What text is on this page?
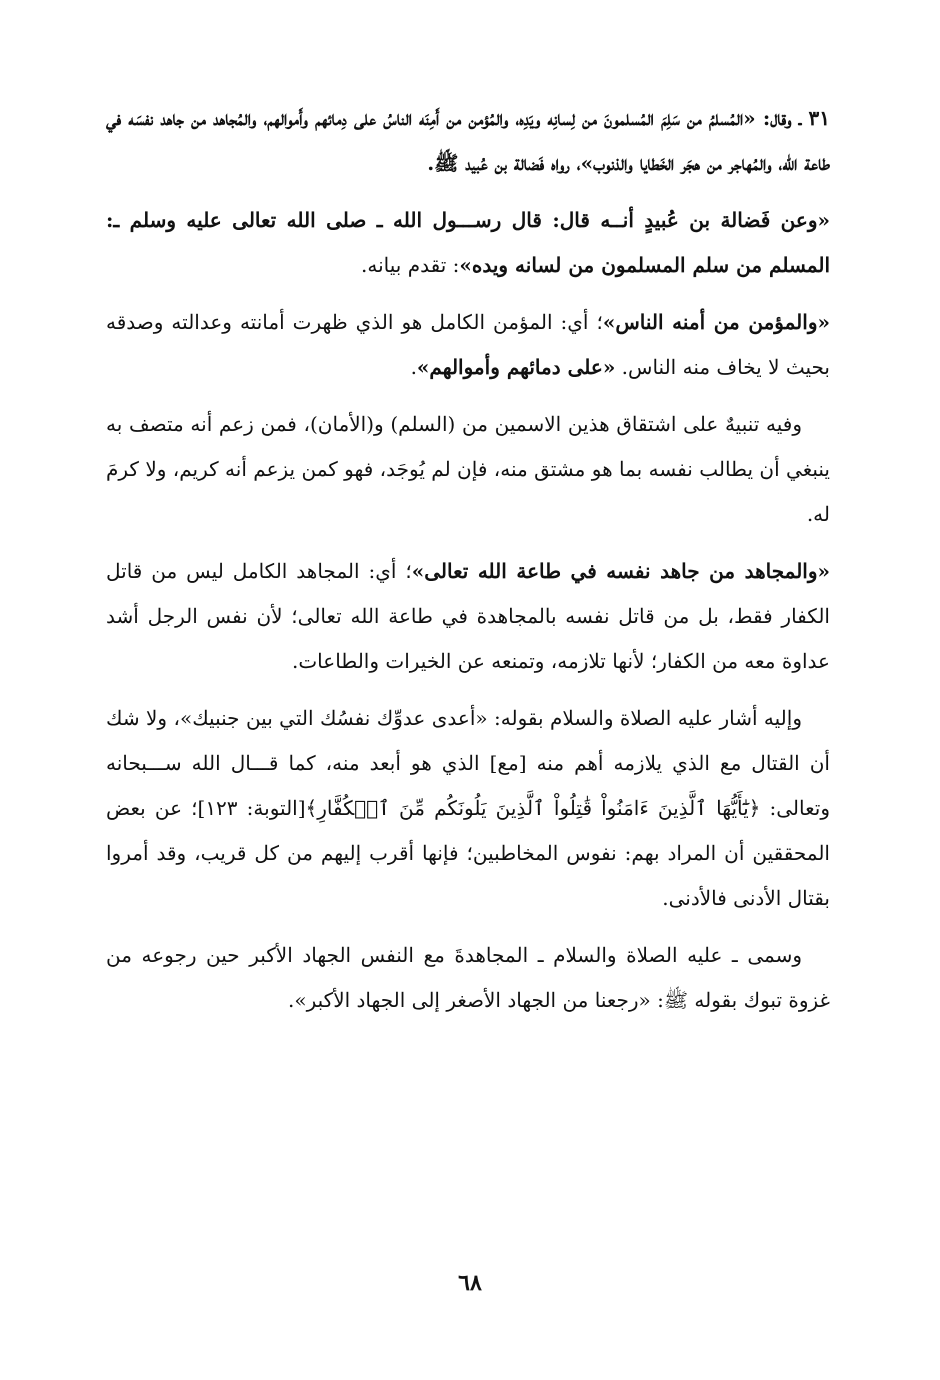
٣١ ـ وقال: «المُسلمُ من سَلِمَ المُسلمونَ من لِسانِه ويَدِه، والمُؤمن من أَمِنَه الناسُ على دِمائهم وأَموالهم، والمُجاهد من جاهد نفسَه في طاعة الله، والمُهاجر من هجَر الخَطايا والذنوب»، رواه فَضالة بن عُبيد ﷺ.

«وعن فَضالة بن عُبيدٍ أنــه قال: قال رســـول الله ـ صلى الله تعالى عليه وسلم ـ: المسلم من سلم المسلمون من لسانه ويده»: تقدم بيانه.

«والمؤمن من أمنه الناس»؛ أي: المؤمن الكامل هو الذي ظهرت أمانته وعدالته وصدقه بحيث لا يخاف منه الناس. «على دمائهم وأموالهم».

وفيه تنبيهٌ على اشتقاق هذين الاسمين من (السلم) و(الأمان)، فمن زعم أنه متصف به ينبغي أن يطالب نفسه بما هو مشتق منه، فإن لم يُوجَد، فهو كمن يزعم أنه كريم، ولا كرمَ له.

«والمجاهد من جاهد نفسه في طاعة الله تعالى»؛ أي: المجاهد الكامل ليس من قاتل الكفار فقط، بل من قاتل نفسه بالمجاهدة في طاعة الله تعالى؛ لأن نفس الرجل أشد عداوة معه من الكفار؛ لأنها تلازمه، وتمنعه عن الخيرات والطاعات.

وإليه أشار عليه الصلاة والسلام بقوله: «أعدى عدوِّك نفسُك التي بين جنبيك»، ولا شك أن القتال مع الذي يلازمه أهم منه [مع] الذي هو أبعد منه، كما قـــال الله ســـبحانه وتعالى: ﴿يَٰٓأَيُّهَا ٱلَّذِينَ ءَامَنُواْ قَٰتِلُواْ ٱلَّذِينَ يَلُونَكُم مِّنَ ٱلۡكُفَّارِ﴾[التوبة: ١٢٣]؛ عن بعض المحققين أن المراد بهم: نفوس المخاطبين؛ فإنها أقرب إليهم من كل قريب، وقد أمروا بقتال الأدنى فالأدنى.

وسمى ـ عليه الصلاة والسلام ـ المجاهدةَ مع النفس الجهاد الأكبر حين رجوعه من غزوة تبوك بقوله ﷺ: «رجعنا من الجهاد الأصغر إلى الجهاد الأكبر».

٦٨
